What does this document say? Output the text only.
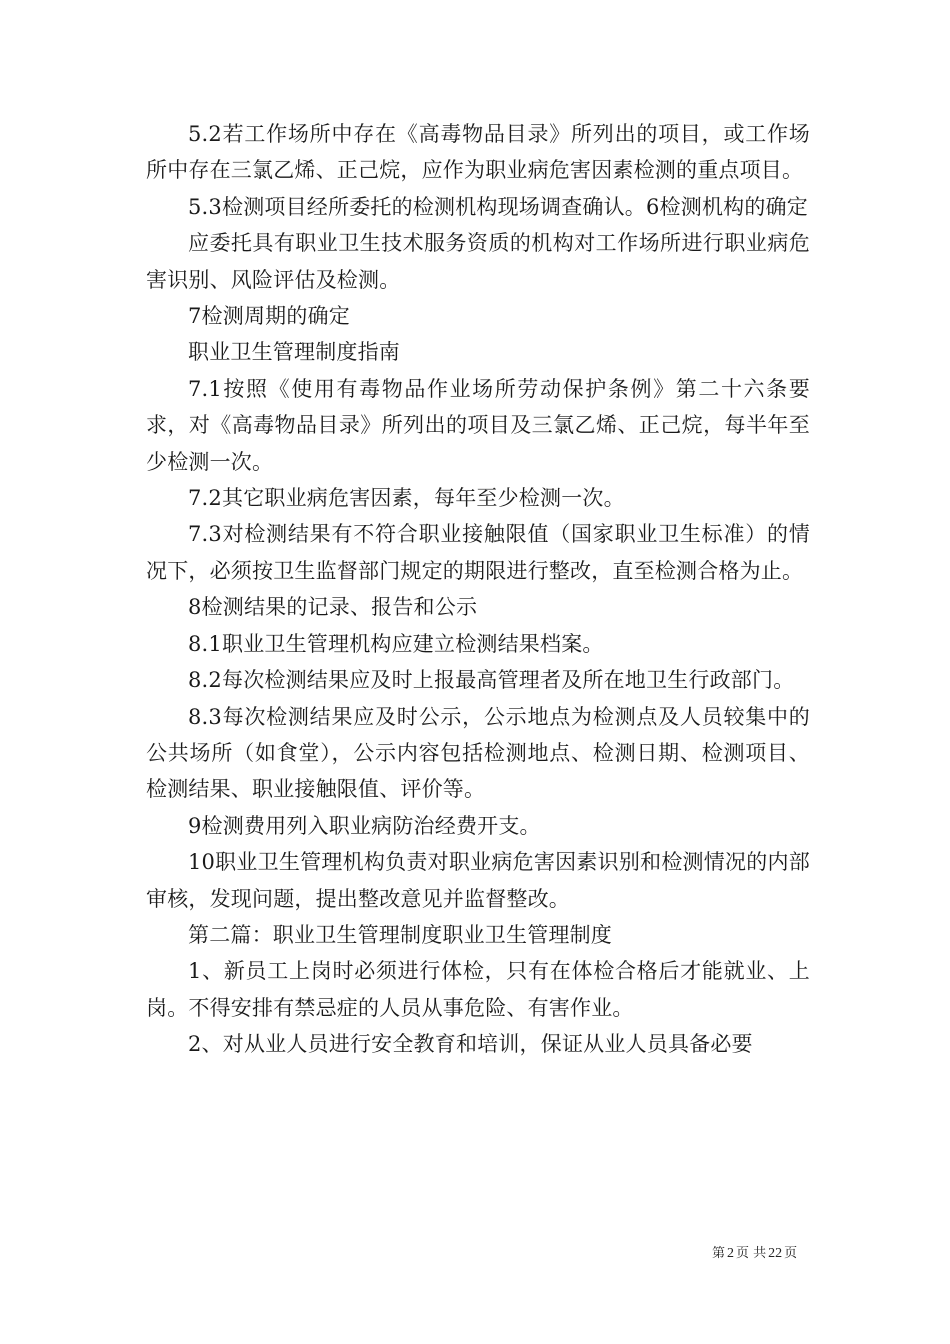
5.2若工作场所中存在《高毒物品目录》所列出的项目，或工作场所中存在三氯乙烯、正己烷，应作为职业病危害因素检测的重点项目。

5.3检测项目经所委托的检测机构现场调查确认。6检测机构的确定

应委托具有职业卫生技术服务资质的机构对工作场所进行职业病危害识别、风险评估及检测。

7检测周期的确定

职业卫生管理制度指南

7.1按照《使用有毒物品作业场所劳动保护条例》第二十六条要求，对《高毒物品目录》所列出的项目及三氯乙烯、正己烷，每半年至少检测一次。

7.2其它职业病危害因素，每年至少检测一次。

7.3对检测结果有不符合职业接触限值（国家职业卫生标准）的情况下，必须按卫生监督部门规定的期限进行整改，直至检测合格为止。

8检测结果的记录、报告和公示

8.1职业卫生管理机构应建立检测结果档案。

8.2每次检测结果应及时上报最高管理者及所在地卫生行政部门。

8.3每次检测结果应及时公示，公示地点为检测点及人员较集中的公共场所（如食堂），公示内容包括检测地点、检测日期、检测项目、检测结果、职业接触限值、评价等。

9检测费用列入职业病防治经费开支。

10职业卫生管理机构负责对职业病危害因素识别和检测情况的内部审核，发现问题，提出整改意见并监督整改。

第二篇：职业卫生管理制度职业卫生管理制度

1、新员工上岗时必须进行体检，只有在体检合格后才能就业、上岗。不得安排有禁忌症的人员从事危险、有害作业。

2、对从业人员进行安全教育和培训，保证从业人员具备必要

第 2 页 共 22 页
